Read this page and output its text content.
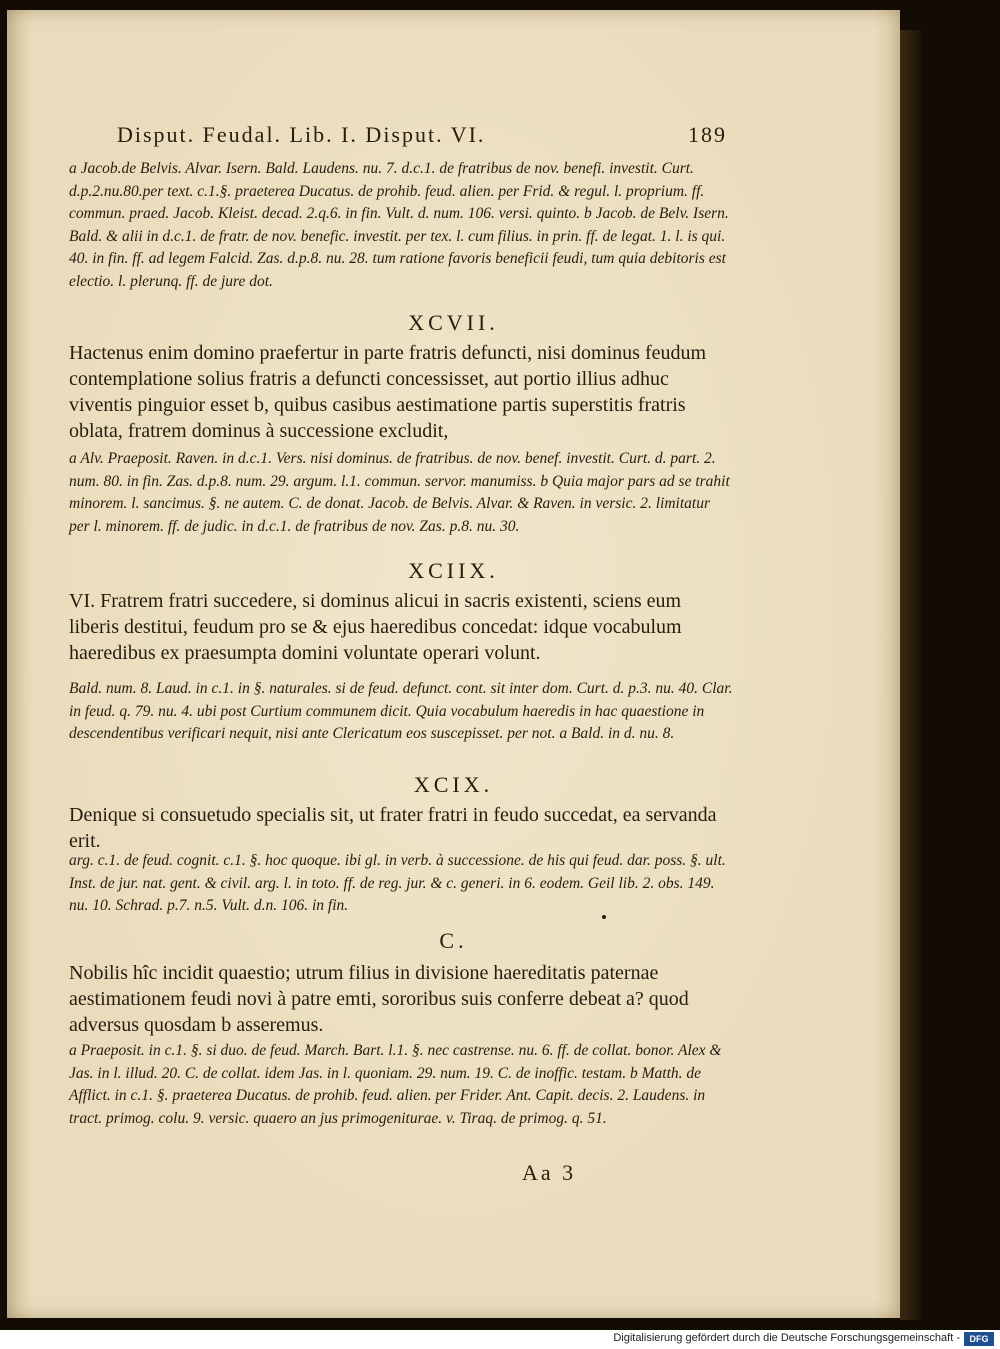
Disput. Feudal. Lib. I. Disput. VI.	189

a Jacob.de Belvis. Alvar. Isern. Bald. Laudens. nu. 7. d.c.1. de fratribus de nov. benefi. investit. Curt. d.p.2.nu.80.per text. c.1.§. praeterea Ducatus. de prohib. feud. alien. per Frid. & regul. l. proprium. ff. commun. praed. Jacob. Kleist. decad. 2.q.6. in fin. Vult. d. num. 106. versi. quinto. b Jacob. de Belv. Isern. Bald. & alii in d.c.1. de fratr. de nov. benefic. investit. per tex. l. cum filius. in prin. ff. de legat. 1. l. is qui. 40. in fin. ff. ad legem Falcid. Zas. d.p.8. nu. 28. tum ratione favoris beneficii feudi, tum quia debitoris est electio. l. plerunq. ff. de jure dot.

XCVII.

Hactenus enim domino praefertur in parte fratris defuncti, nisi dominus feudum contemplatione solius fratris a defuncti concessisset, aut portio illius adhuc viventis pinguior esset b, quibus casibus aestimatione partis superstitis fratris oblata, fratrem dominus à successione excludit,

a Alv. Praeposit. Raven. in d.c.1. Vers. nisi dominus. de fratribus. de nov. benef. investit. Curt. d. part. 2. num. 80. in fin. Zas. d.p.8. num. 29. argum. l.1. commun. servor. manumiss. b Quia major pars ad se trahit minorem. l. sancimus. §. ne autem. C. de donat. Jacob. de Belvis. Alvar. & Raven. in versic. 2. limitatur per l. minorem. ff. de judic. in d.c.1. de fratribus de nov. Zas. p.8. nu. 30.

XCIIX.

VI. Fratrem fratri succedere, si dominus alicui in sacris existenti, sciens eum liberis destitui, feudum pro se & ejus haeredibus concedat: idque vocabulum haeredibus ex praesumpta domini voluntate operari volunt.

Bald. num. 8. Laud. in c.1. in §. naturales. si de feud. defunct. cont. sit inter dom. Curt. d. p.3. nu. 40. Clar. in feud. q. 79. nu. 4. ubi post Curtium communem dicit. Quia vocabulum haeredis in hac quaestione in descendentibus verificari nequit, nisi ante Clericatum eos suscepisset. per not. a Bald. in d. nu. 8.

XCIX.

Denique si consuetudo specialis sit, ut frater fratri in feudo succedat, ea servanda erit.

arg. c.1. de feud. cognit. c.1. §. hoc quoque. ibi gl. in verb. à successione. de his qui feud. dar. poss. §. ult. Inst. de jur. nat. gent. & civil. arg. l. in toto. ff. de reg. jur. & c. generi. in 6. eodem. Geil lib. 2. obs. 149. nu. 10. Schrad. p.7. n.5. Vult. d.n. 106. in fin.

C.

Nobilis hîc incidit quaestio; utrum filius in divisione haereditatis paternae aestimationem feudi novi à patre emti, sororibus suis conferre debeat a? quod adversus quosdam b asseremus.

a Praeposit. in c.1. §. si duo. de feud. March. Bart. l.1. §. nec castrense. nu. 6. ff. de collat. bonor. Alex & Jas. in l. illud. 20. C. de collat. idem Jas. in l. quoniam. 29. num. 19. C. de inoffic. testam. b Matth. de Afflict. in c.1. §. praeterea Ducatus. de prohib. feud. alien. per Frider. Ant. Capit. decis. 2. Laudens. in tract. primog. colu. 9. versic. quaero an jus primogeniturae. v. Tiraq. de primog. q. 51.

Aa 3
Digitalisierung gefördert durch die Deutsche Forschungsgemeinschaft -	DFG
